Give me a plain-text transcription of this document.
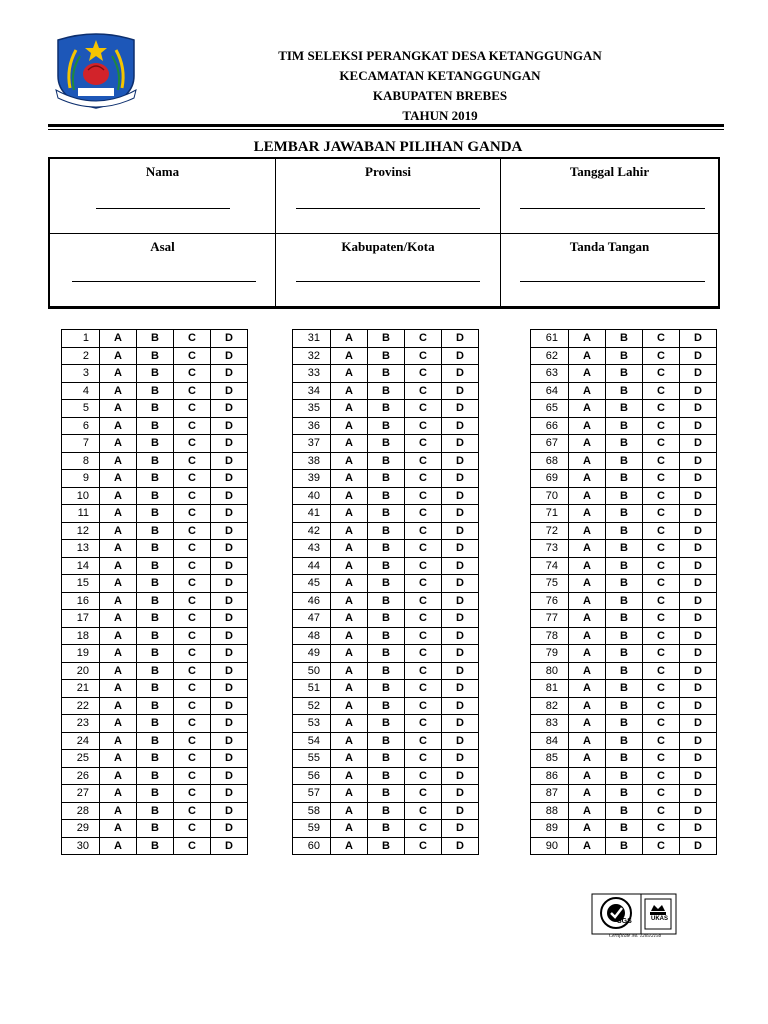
TIM SELEKSI PERANGKAT DESA KETANGGUNGAN
KECAMATAN KETANGGUNGAN
KABUPATEN BREBES
TAHUN 2019
LEMBAR JAWABAN PILIHAN GANDA
Nama	Provinsi	Tanggal Lahir
Asal	Kabupaten/Kota	Tanda Tangan
1	A	B	C	D
2	A	B	C	D
3	A	B	C	D
4	A	B	C	D
5	A	B	C	D
6	A	B	C	D
7	A	B	C	D
8	A	B	C	D
9	A	B	C	D
10	A	B	C	D
11	A	B	C	D
12	A	B	C	D
13	A	B	C	D
14	A	B	C	D
15	A	B	C	D
16	A	B	C	D
17	A	B	C	D
18	A	B	C	D
19	A	B	C	D
20	A	B	C	D
21	A	B	C	D
22	A	B	C	D
23	A	B	C	D
24	A	B	C	D
25	A	B	C	D
26	A	B	C	D
27	A	B	C	D
28	A	B	C	D
29	A	B	C	D
30	A	B	C	D
31	A	B	C	D
32	A	B	C	D
33	A	B	C	D
34	A	B	C	D
35	A	B	C	D
36	A	B	C	D
37	A	B	C	D
38	A	B	C	D
39	A	B	C	D
40	A	B	C	D
41	A	B	C	D
42	A	B	C	D
43	A	B	C	D
44	A	B	C	D
45	A	B	C	D
46	A	B	C	D
47	A	B	C	D
48	A	B	C	D
49	A	B	C	D
50	A	B	C	D
51	A	B	C	D
52	A	B	C	D
53	A	B	C	D
54	A	B	C	D
55	A	B	C	D
56	A	B	C	D
57	A	B	C	D
58	A	B	C	D
59	A	B	C	D
60	A	B	C	D
61	A	B	C	D
62	A	B	C	D
63	A	B	C	D
64	A	B	C	D
65	A	B	C	D
66	A	B	C	D
67	A	B	C	D
68	A	B	C	D
69	A	B	C	D
70	A	B	C	D
71	A	B	C	D
72	A	B	C	D
73	A	B	C	D
74	A	B	C	D
75	A	B	C	D
76	A	B	C	D
77	A	B	C	D
78	A	B	C	D
79	A	B	C	D
80	A	B	C	D
81	A	B	C	D
82	A	B	C	D
83	A	B	C	D
84	A	B	C	D
85	A	B	C	D
86	A	B	C	D
87	A	B	C	D
88	A	B	C	D
89	A	B	C	D
90	A	B	C	D
SGS	UKAS
Certificate No. 1205/2156
